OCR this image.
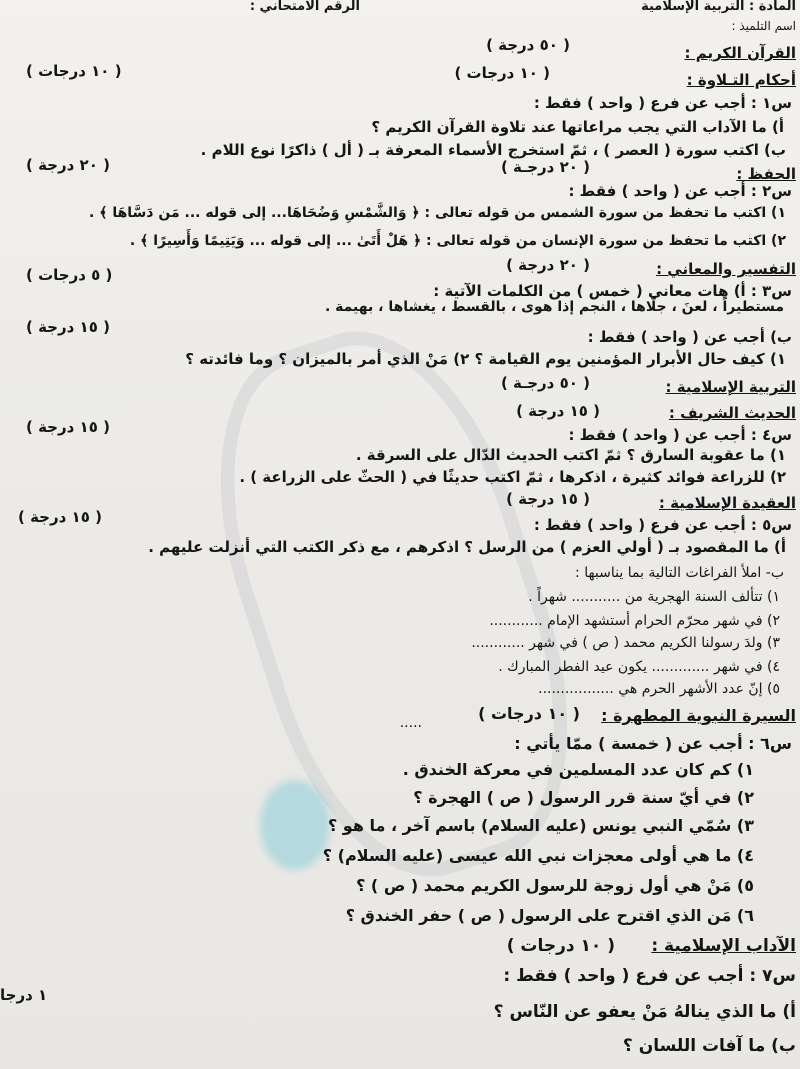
المادة : التربية الإسلامية
الرقم الامتحاني :
اسم التلميذ :
القرآن الكريم :
( ٥٠ درجة )
أحكام التـلاوة :
( ١٠ درجات )
( ١٠ درجات )
س١ : أجب عن فرع ( واحد ) فقط :
أ) ما الآداب التي يجب مراعاتها عند تلاوة القرآن الكريم ؟
ب) اكتب سورة ( العصر ) ، ثمّ استخرج الأسماء المعرفة بـ ( أل ) ذاكرًا نوع اللام .
الحفظ :
( ٢٠ درجـة )
( ٢٠ درجة )
س٢ : أجب عن ( واحد ) فقط :
١) اكتب ما تحفظ من سورة الشمس من قوله تعالى : ﴿ وَالشَّمْسِ وَضُحَاهَا... إلى قوله ... مَن دَسَّاهَا ﴾ .
٢) اكتب ما تحفظ من سورة الإنسان من قوله تعالى : ﴿ هَلْ أَتَىٰ ... إلى قوله ... وَيَتِيمًا وَأَسِيرًا ﴾ .
التفسير والمعاني :
( ٢٠ درجة )
( ٥ درجات )
س٣ : أ) هات معاني ( خمس ) من الكلمات الآتية :
مستطيراً ، لعنَ ، جلّاها ، النجم إذا هوى ، بالقسط ، يغشاها ، بهيمة .
( ١٥ درجة )
ب) أجب عن ( واحد ) فقط :
١) كيف حال الأبرار المؤمنين يوم القيامة ؟ ٢) مَنْ الذي أمر بالميزان ؟ وما فائدته ؟
التربية الإسلامية :
( ٥٠ درجـة )
الحديث الشريف :
( ١٥ درجة )
( ١٥ درجة )	س٤ : أجب عن ( واحد ) فقط :
١) ما عقوبة السارق ؟ ثمّ اكتب الحديث الدّال على السرقة .
٢) للزراعة فوائد كثيرة ، اذكرها ، ثمّ اكتب حديثًا في ( الحثّ على الزراعة ) .
العقيدة الإسلامية :
( ١٥ درجة )
( ١٥ درجة )	س٥ : أجب عن فرع ( واحد ) فقط :
أ) ما المقصود بـ ( أولي العزم ) من الرسل ؟ اذكرهم ، مع ذكر الكتب التي أنزلت عليهم .
ب- املأ الفراغات التالية بما يناسبها :
١) تتألف السنة الهجرية من ........... شهراً .
٢) في شهر محرّم الحرام أستشهد الإمام ............
٣) ولدَ رسولنا الكريم محمد ( ص ) في شهر ............
٤) في شهر ............. يكون عيد الفطر المبارك .
٥) إنّ عدد الأشهر الحرم هي .................
السيرة النبوية المطهرة :
( ١٠ درجات )
.....
س٦ : أجب عن ( خمسة ) ممّا يأتي :
١) كم كان عدد المسلمين في معركة الخندق .
٢) في أيّ سنة قرر الرسول ( ص ) الهجرة ؟
٣) سُمّي النبي يونس (عليه السلام) باسم آخر ، ما هو ؟
٤) ما هي أولى معجزات نبي الله عيسى (عليه السلام) ؟
٥) مَنْ هي أول زوجة للرسول الكريم محمد ( ص ) ؟
٦) مَن الذي اقترح على الرسول ( ص ) حفر الخندق ؟
الآداب الإسلامية :
( ١٠ درجات )
١ درجا
س٧ : أجب عن فرع ( واحد ) فقط :
أ) ما الذي ينالهُ مَنْ يعفو عن النّاس ؟
ب) ما آفات اللسان ؟
